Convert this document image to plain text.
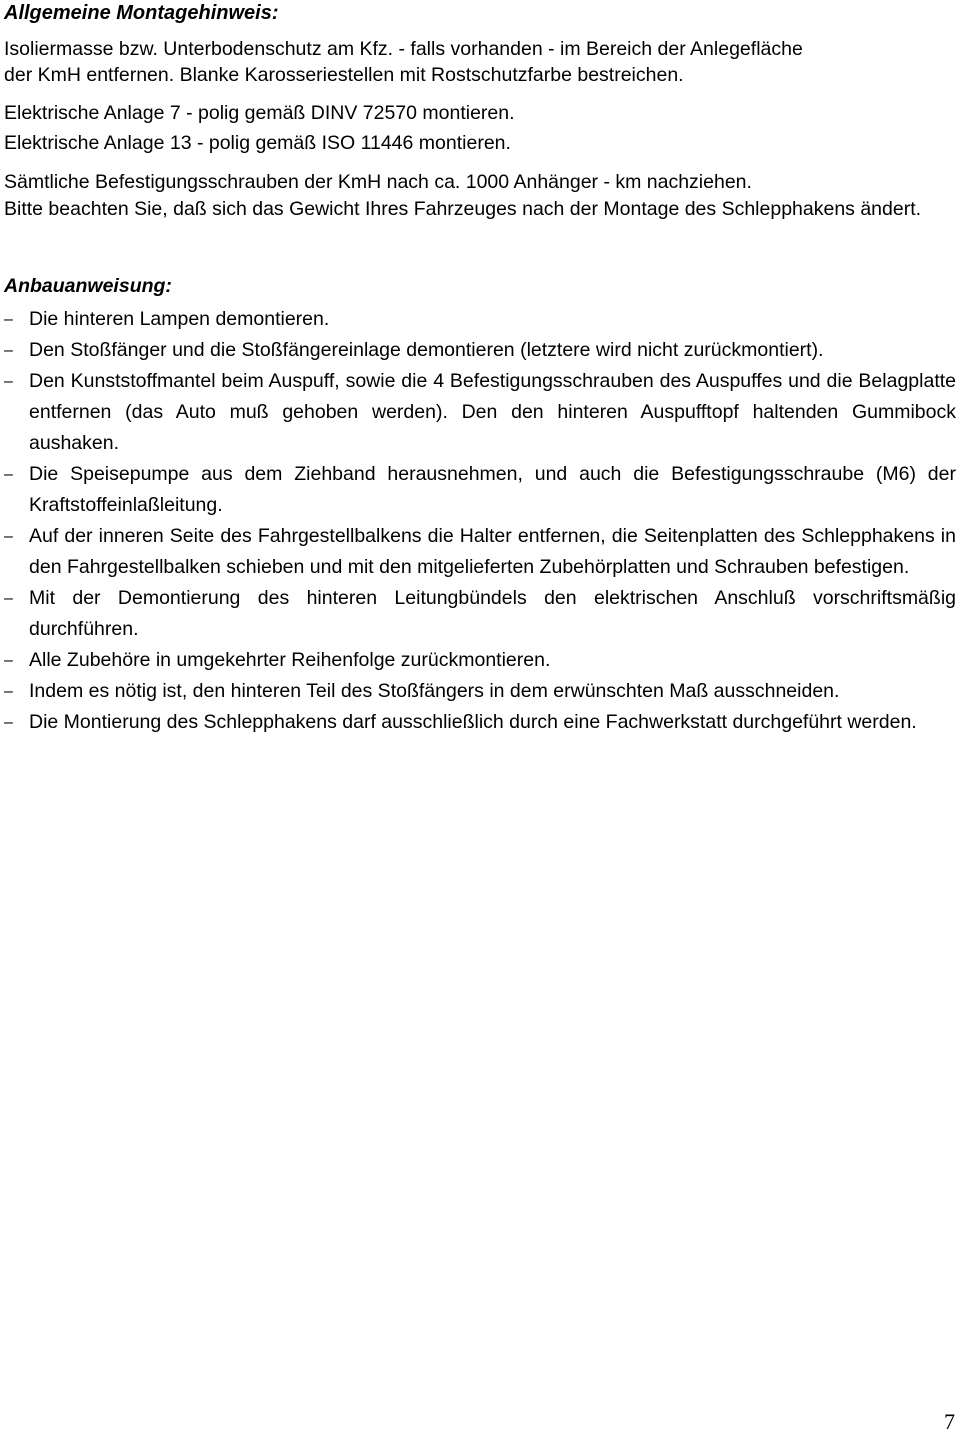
Allgemeine Montagehinweis:
Isoliermasse bzw. Unterbodenschutz am Kfz. - falls vorhanden - im Bereich der Anlegefläche
der KmH entfernen. Blanke Karosseriestellen mit Rostschutzfarbe bestreichen.
Elektrische Anlage 7 - polig gemäß DINV 72570 montieren.
Elektrische Anlage 13 - polig gemäß ISO 11446 montieren.
Sämtliche Befestigungsschrauben der KmH nach ca. 1000 Anhänger - km nachziehen.
Bitte beachten Sie, daß sich das Gewicht Ihres Fahrzeuges nach der Montage des Schlepphakens ändert.
Anbauanweisung:
– Die hinteren Lampen demontieren.
– Den Stoßfänger und die Stoßfängereinlage demontieren (letztere wird nicht zurückmontiert).
– Den Kunststoffmantel beim Auspuff, sowie die 4 Befestigungsschrauben des Auspuffes und die Belagplatte entfernen (das Auto muß gehoben werden). Den den hinteren Auspufftopf haltenden Gummibock aushaken.
– Die Speisepumpe aus dem Ziehband herausnehmen, und auch die Befestigungsschraube (M6) der Kraftstoffeinlaßleitung.
– Auf der inneren Seite des Fahrgestellbalkens die Halter entfernen, die Seitenplatten des Schlepphakens in den Fahrgestellbalken schieben und mit den mitgelieferten Zubehörplatten und Schrauben befestigen.
– Mit der Demontierung des hinteren Leitungbündels den elektrischen Anschluß vorschriftsmäßig durchführen.
– Alle Zubehöre in umgekehrter Reihenfolge zurückmontieren.
– Indem es nötig ist, den hinteren Teil des Stoßfängers in dem erwünschten Maß ausschneiden.
– Die Montierung des Schlepphakens darf ausschließlich durch eine Fachwerkstatt durchgeführt werden.
7
